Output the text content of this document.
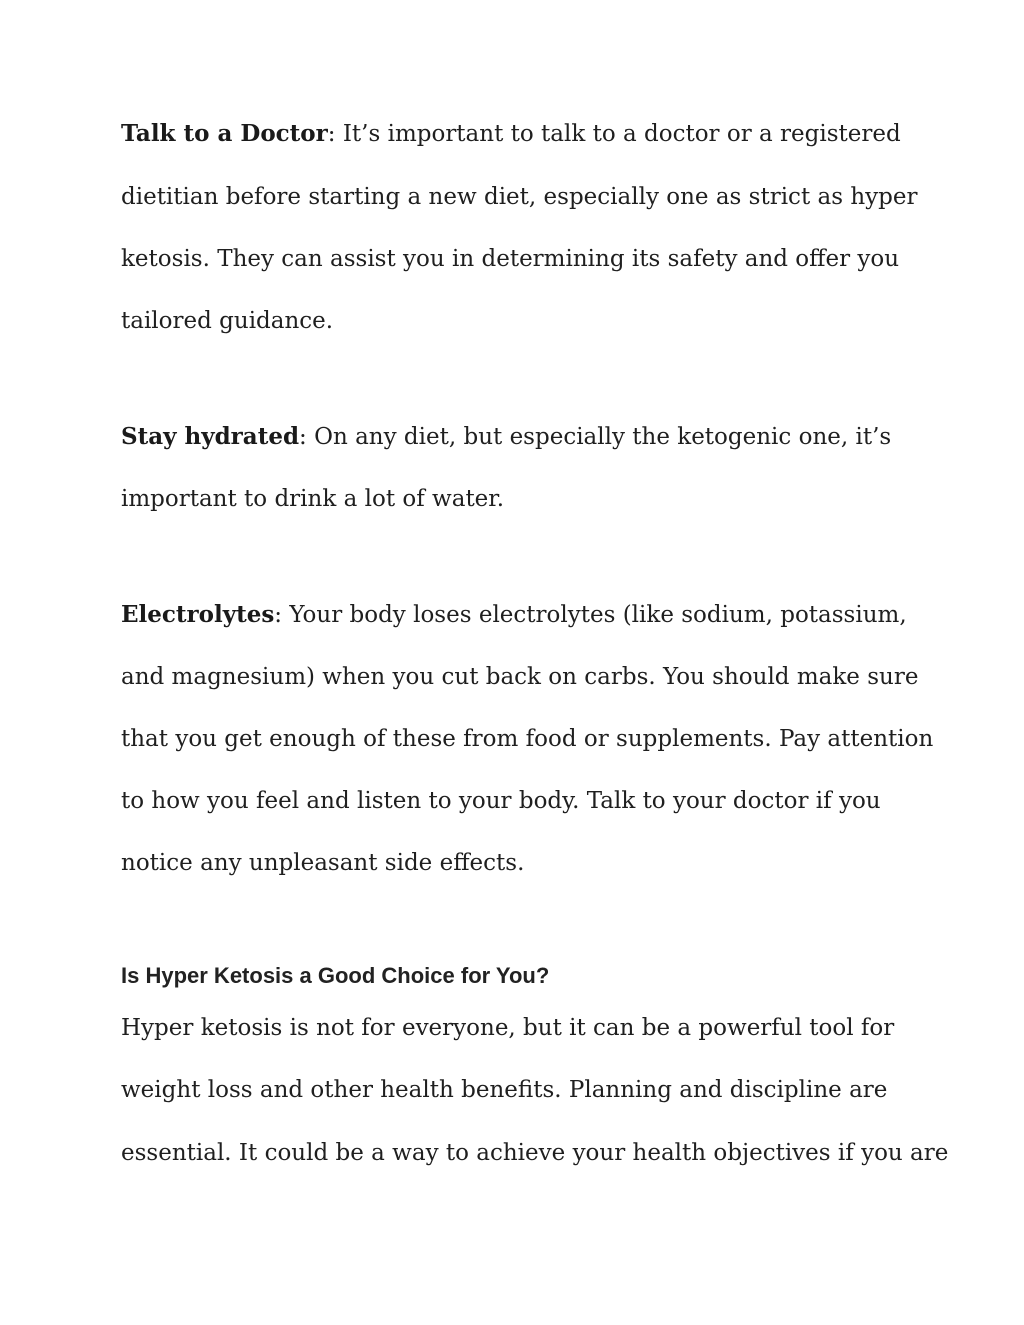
Talk to a Doctor: It’s important to talk to a doctor or a registered
dietitian before starting a new diet, especially one as strict as hyper
ketosis. They can assist you in determining its safety and offer you
tailored guidance.
Stay hydrated: On any diet, but especially the ketogenic one, it’s
important to drink a lot of water.
Electrolytes: Your body loses electrolytes (like sodium, potassium,
and magnesium) when you cut back on carbs. You should make sure
that you get enough of these from food or supplements. Pay attention
to how you feel and listen to your body. Talk to your doctor if you
notice any unpleasant side effects.
Is Hyper Ketosis a Good Choice for You?
Hyper ketosis is not for everyone, but it can be a powerful tool for
weight loss and other health benefits. Planning and discipline are
essential. It could be a way to achieve your health objectives if you are
